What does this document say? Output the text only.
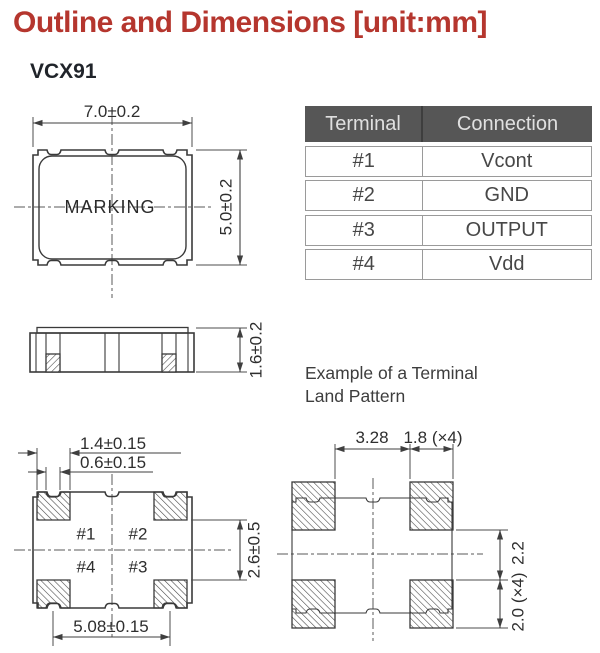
Outline and Dimensions [unit:mm]
VCX91
MARKING
7.0±0.2
5.0±0.2
1.6±0.2
#1 #2
#4 #3
1.4±0.15
0.6±0.15
2.6±0.5
5.08±0.15
3.28 1.8 (×4)
2.2
2.0 (×4)
Terminal	Connection
#1	Vcont
#2	GND
#3	OUTPUT
#4	Vdd
Example of a Terminal
Land Pattern
